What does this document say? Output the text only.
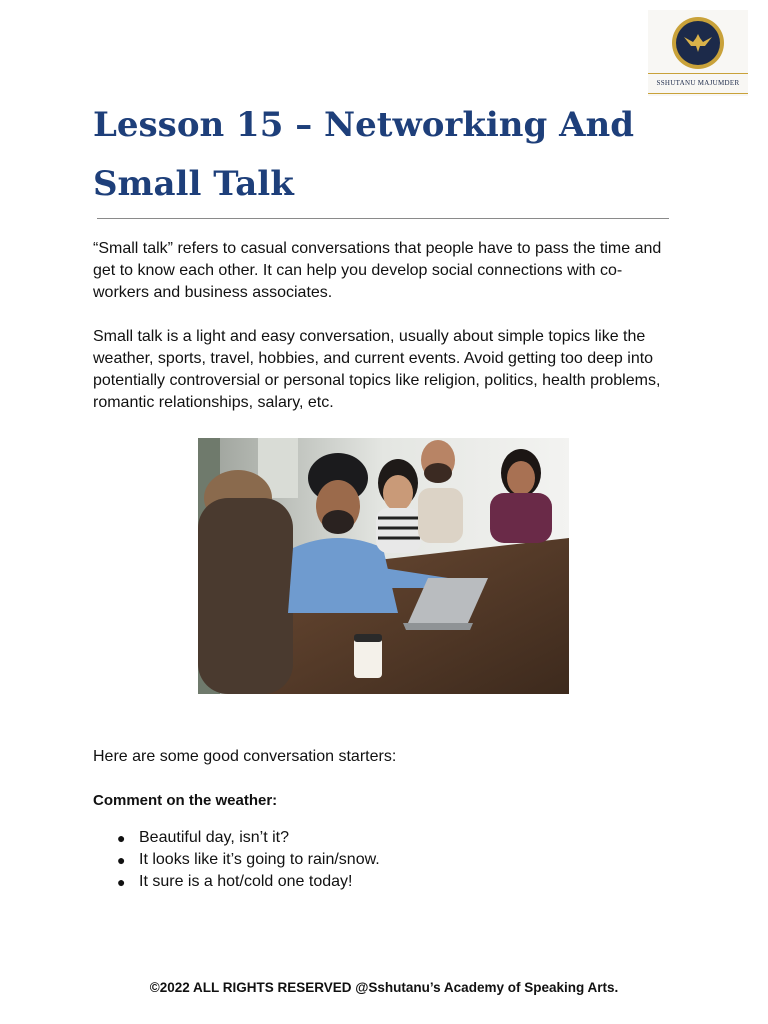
SSHUTANU MAJUMDER
Lesson 15 – Networking And
Small Talk

“Small talk” refers to casual conversations that people have to pass the time and get to know each other. It can help you develop social connections with co-workers and business associates.

Small talk is a light and easy conversation, usually about simple topics like the weather, sports, travel, hobbies, and current events. Avoid getting too deep into potentially controversial or personal topics like religion, politics, health problems, romantic relationships, salary, etc.

Here are some good conversation starters:

Comment on the weather:

● Beautiful day, isn’t it?
● It looks like it’s going to rain/snow.
● It sure is a hot/cold one today!

©2022 ALL RIGHTS RESERVED @Sshutanu’s Academy of Speaking Arts.
